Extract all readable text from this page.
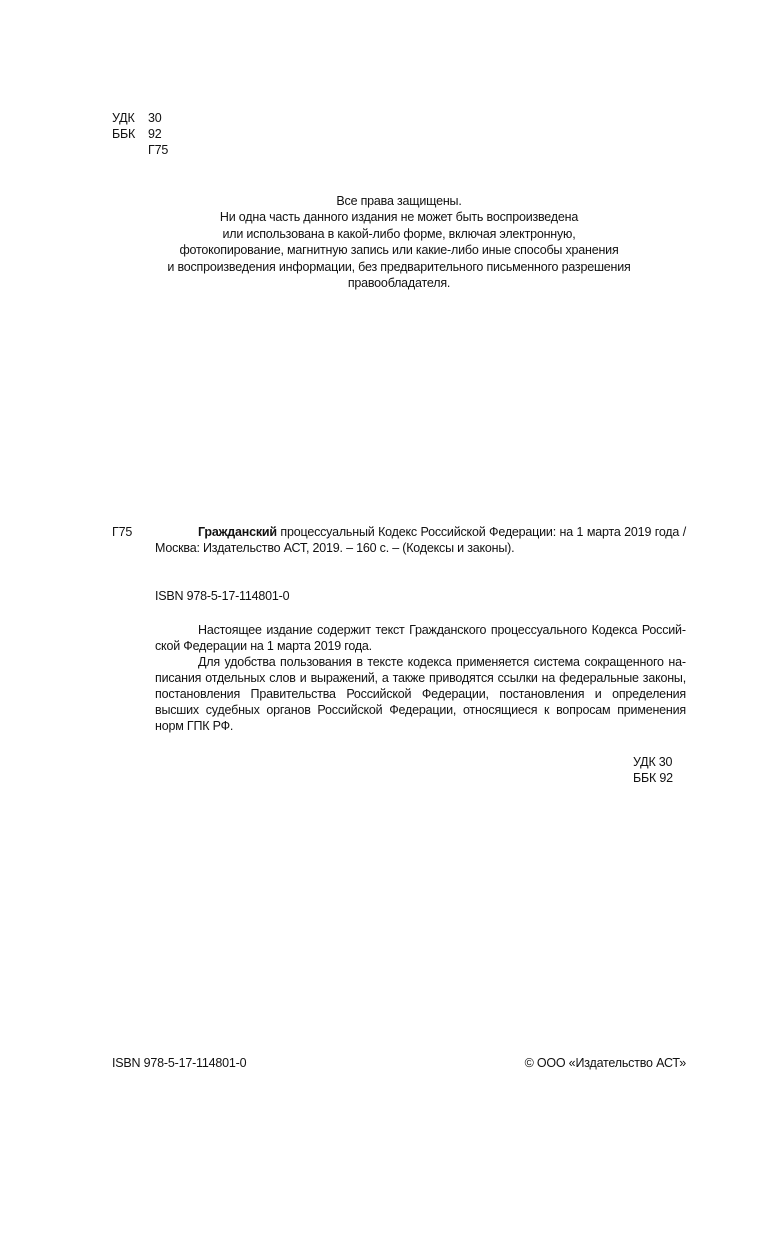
УДК 30
ББК 92
Г75
Все права защищены.
Ни одна часть данного издания не может быть воспроизведена
или использована в какой-либо форме, включая электронную,
фотокопирование, магнитную запись или какие-либо иные способы хранения
и воспроизведения информации, без предварительного письменного разрешения
правообладателя.
Г75	Гражданский процессуальный Кодекс Российской Федерации: на 1 марта 2019 года / Москва: Издательство АСТ, 2019. – 160 с. – (Кодексы и законы).
ISBN 978-5-17-114801-0

Настоящее издание содержит текст Гражданского процессуального Кодекса Российской Федерации на 1 марта 2019 года.

Для удобства пользования в тексте кодекса применяется система сокращенного написания отдельных слов и выражений, а также приводятся ссылки на федеральные законы, постановления Правительства Российской Федерации, постановления и определения высших судебных органов Российской Федерации, относящиеся к вопросам применения норм ГПК РФ.

УДК 30
ББК 92
ISBN 978-5-17-114801-0	© ООО «Издательство АСТ»
